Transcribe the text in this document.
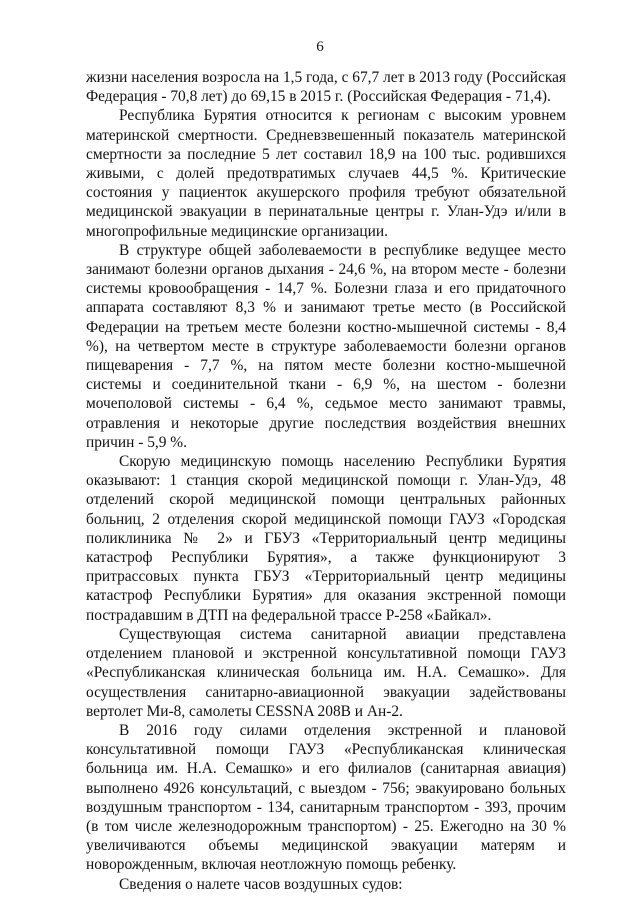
6

жизни населения возросла на 1,5 года, с 67,7 лет в 2013 году (Российская Федерация - 70,8 лет) до 69,15 в 2015 г. (Российская Федерация - 71,4).

Республика Бурятия относится к регионам с высоким уровнем материнской смертности. Средневзвешенный показатель материнской смертности за последние 5 лет составил 18,9 на 100 тыс. родившихся живыми, с долей предотвратимых случаев 44,5 %. Критические состояния у пациенток акушерского профиля требуют обязательной медицинской эвакуации в перинатальные центры г. Улан-Удэ и/или в многопрофильные медицинские организации.

В структуре общей заболеваемости в республике ведущее место занимают болезни органов дыхания - 24,6 %, на втором месте - болезни системы кровообращения - 14,7 %. Болезни глаза и его придаточного аппарата составляют 8,3 % и занимают третье место (в Российской Федерации на третьем месте болезни костно-мышечной системы - 8,4 %), на четвертом месте в структуре заболеваемости болезни органов пищеварения - 7,7 %, на пятом месте болезни костно-мышечной системы и соединительной ткани - 6,9 %, на шестом - болезни мочеполовой системы - 6,4 %, седьмое место занимают травмы, отравления и некоторые другие последствия воздействия внешних причин - 5,9 %.

Скорую медицинскую помощь населению Республики Бурятия оказывают: 1 станция скорой медицинской помощи г. Улан-Удэ, 48 отделений скорой медицинской помощи центральных районных больниц, 2 отделения скорой медицинской помощи ГАУЗ «Городская поликлиника № 2» и ГБУЗ «Территориальный центр медицины катастроф Республики Бурятия», а также функционируют 3 притрассовых пункта ГБУЗ «Территориальный центр медицины катастроф Республики Бурятия» для оказания экстренной помощи пострадавшим в ДТП на федеральной трассе Р-258 «Байкал».

Существующая система санитарной авиации представлена отделением плановой и экстренной консультативной помощи ГАУЗ «Республиканская клиническая больница им. Н.А. Семашко». Для осуществления санитарно-авиационной эвакуации задействованы вертолет Ми-8, самолеты CESSNA 208B и Ан-2.

В 2016 году силами отделения экстренной и плановой консультативной помощи ГАУЗ «Республиканская клиническая больница им. Н.А. Семашко» и его филиалов (санитарная авиация) выполнено 4926 консультаций, с выездом - 756; эвакуировано больных воздушным транспортом - 134, санитарным транспортом - 393, прочим (в том числе железнодорожным транспортом) - 25. Ежегодно на 30 % увеличиваются объемы медицинской эвакуации матерям и новорожденным, включая неотложную помощь ребенку.

Сведения о налете часов воздушных судов:
